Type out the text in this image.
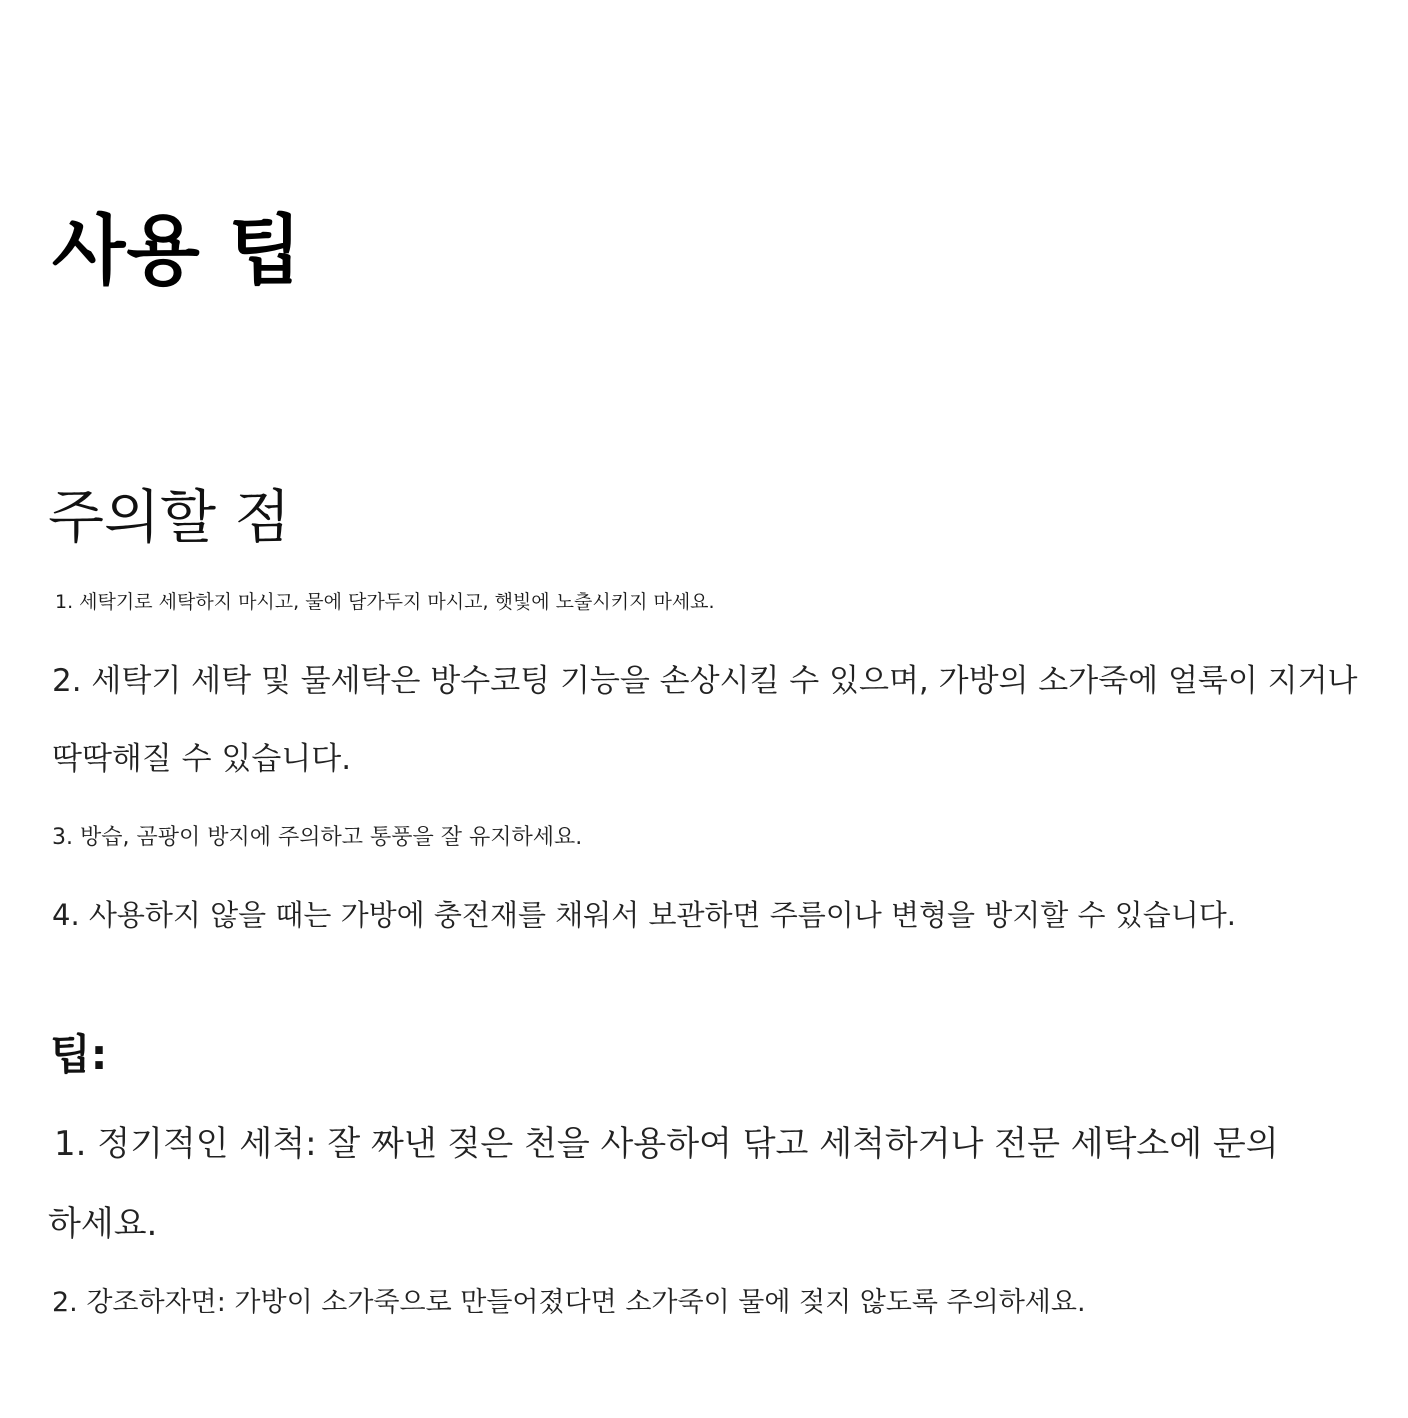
사용 팁
주의할 점

1. 세탁기로 세탁하지 마시고, 물에 담가두지 마시고, 햇빛에 노출시키지 마세요.

2. 세탁기 세탁 및 물세탁은 방수코팅 기능을 손상시킬 수 있으며, 가방의 소가죽에 얼룩이 지거나

딱딱해질 수 있습니다.

3. 방습, 곰팡이 방지에 주의하고 통풍을 잘 유지하세요.

4. 사용하지 않을 때는 가방에 충전재를 채워서 보관하면 주름이나 변형을 방지할 수 있습니다.

팁:

1. 정기적인 세척: 잘 짜낸 젖은 천을 사용하여 닦고 세척하거나 전문 세탁소에 문의

하세요.

2. 강조하자면: 가방이 소가죽으로 만들어졌다면 소가죽이 물에 젖지 않도록 주의하세요.
